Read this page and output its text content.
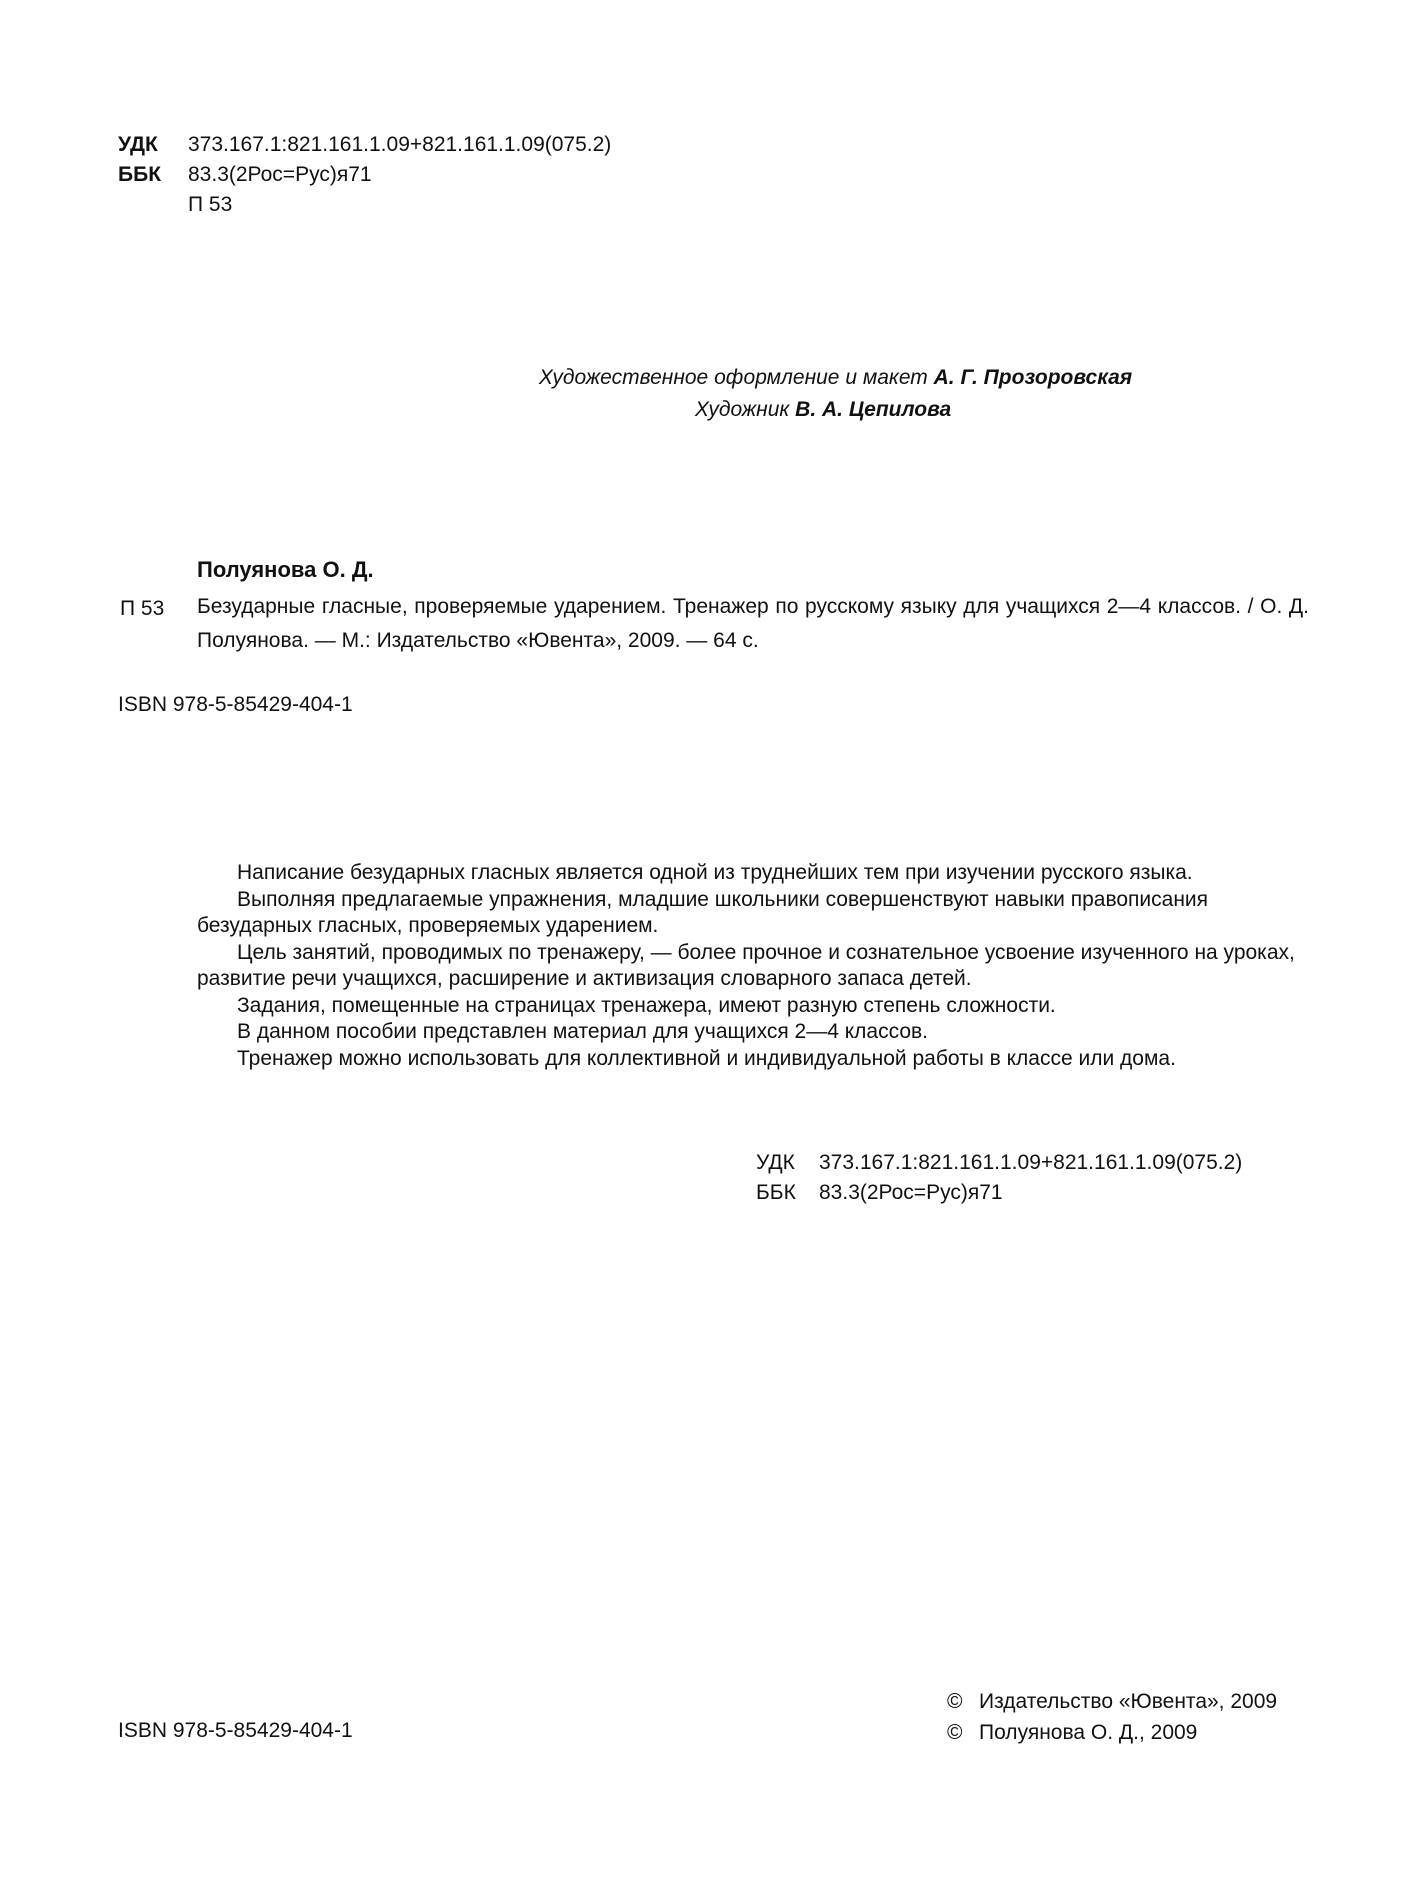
УДК	373.167.1:821.161.1.09+821.161.1.09(075.2)
ББК	83.3(2Рос=Рус)я71
П 53
Художественное оформление и макет А. Г. Прозоровская
Художник В. А. Цепилова
Полуянова О. Д.
П 53 Безударные гласные, проверяемые ударением. Тренажер по русскому языку для учащихся 2—4 классов. / О. Д. Полуянова. — М.: Издательство «Ювента», 2009. — 64 с.
ISBN 978-5-85429-404-1

Написание безударных гласных является одной из труднейших тем при изучении русского языка.

Выполняя предлагаемые упражнения, младшие школьники совершенствуют навыки правописания безударных гласных, проверяемых ударением.

Цель занятий, проводимых по тренажеру, — более прочное и сознательное усвоение изученного на уроках, развитие речи учащихся, расширение и активизация словарного запаса детей.

Задания, помещенные на страницах тренажера, имеют разную степень сложности.

В данном пособии представлен материал для учащихся 2—4 классов.

Тренажер можно использовать для коллективной и индивидуальной работы в классе или дома.

УДК	373.167.1:821.161.1.09+821.161.1.09(075.2)
ББК	83.3(2Рос=Рус)я71
ISBN 978-5-85429-404-1
© Издательство «Ювента», 2009
© Полуянова О. Д., 2009
